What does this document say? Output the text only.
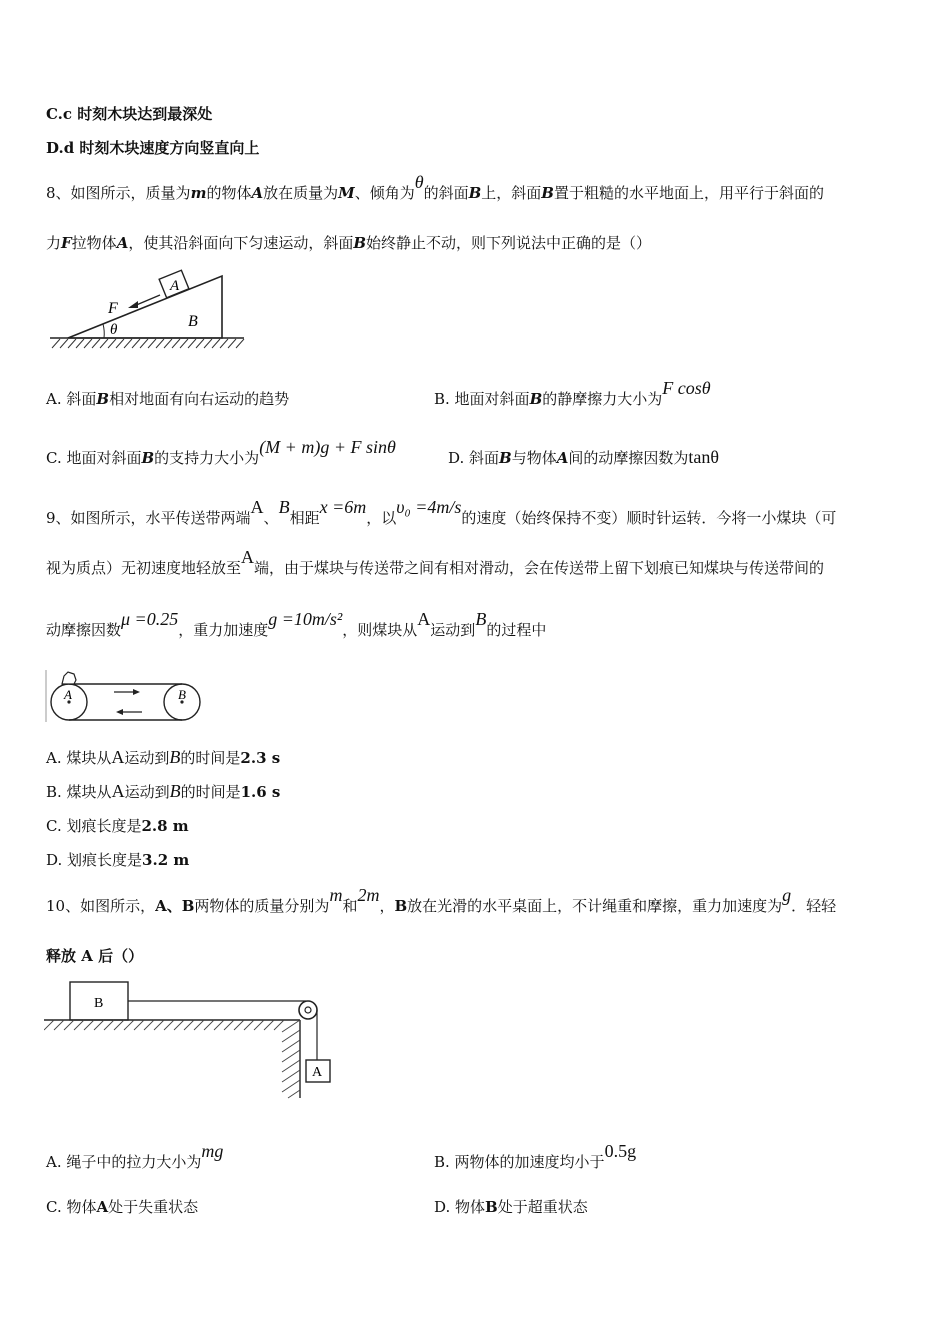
C.c 时刻木块达到最深处
D.d 时刻木块速度方向竖直向上
8、如图所示，质量为m的物体A放在质量为M、倾角为θ的斜面B上，斜面B置于粗糙的水平地面上，用平行于斜面的
力F拉物体A，使其沿斜面向下匀速运动，斜面B始终静止不动，则下列说法中正确的是（）
A
F
B
θ
A. 斜面B相对地面有向右运动的趋势	B. 地面对斜面B的静摩擦力大小为F cosθ
C. 地面对斜面B的支持力大小为(M + m)g + F sinθ
D. 斜面B与物体A间的动摩擦因数为tanθ
9、如图所示，水平传送带两端A、B相距x =6m，以υ₀ =4m/s的速度（始终保持不变）顺时针运转．今将一小煤块（可
视为质点）无初速度地轻放至A端，由于煤块与传送带之间有相对滑动，会在传送带上留下划痕已知煤块与传送带间的
动摩擦因数μ =0.25，重力加速度g =10m/s²，则煤块从A运动到B的过程中
A	B
A. 煤块从A运动到B的时间是2.3 s
B. 煤块从A运动到B的时间是1.6 s
C. 划痕长度是2.8 m
D. 划痕长度是3.2 m
10、如图所示，A、B两物体的质量分别为m和2m，B放在光滑的水平桌面上，不计绳重和摩擦，重力加速度为g．轻轻
释放 A 后（）
B
A
A. 绳子中的拉力大小为mg
B. 两物体的加速度均小于0.5g
C. 物体A处于失重状态	D. 物体B处于超重状态
